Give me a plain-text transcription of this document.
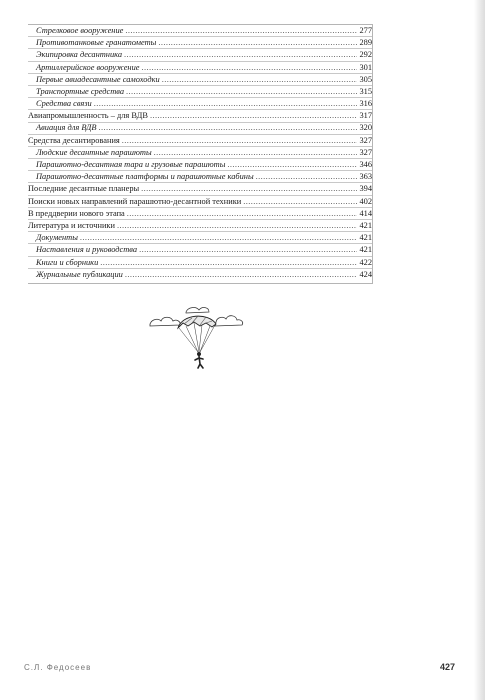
Стрелковое вооружение .....	277
Противотанковые гранатометы .....	289
Экипировка десантника .....	292
Артиллерийское вооружение .....	301
Первые авиадесантные самоходки .....	305
Транспортные средства .....	315
Средства связи .....	316
Авиапромышленность – для ВДВ .....	317
Авиация для ВДВ .....	320
Средства десантирования .....	327
Людские десантные парашюты .....	327
Парашютно-десантная тара и грузовые парашюты .....	346
Парашютно-десантные платформы и парашютные кабины .....	363
Последние десантные планеры .....	394
Поиски новых направлений парашютно-десантной техники .....	402
В преддверии нового этапа .....	414
Литература и источники .....	421
Документы .....	421
Наставления и руководства .....	421
Книги и сборники .....	422
Журнальные публикации .....	424
С.Л. Федосеев	427
